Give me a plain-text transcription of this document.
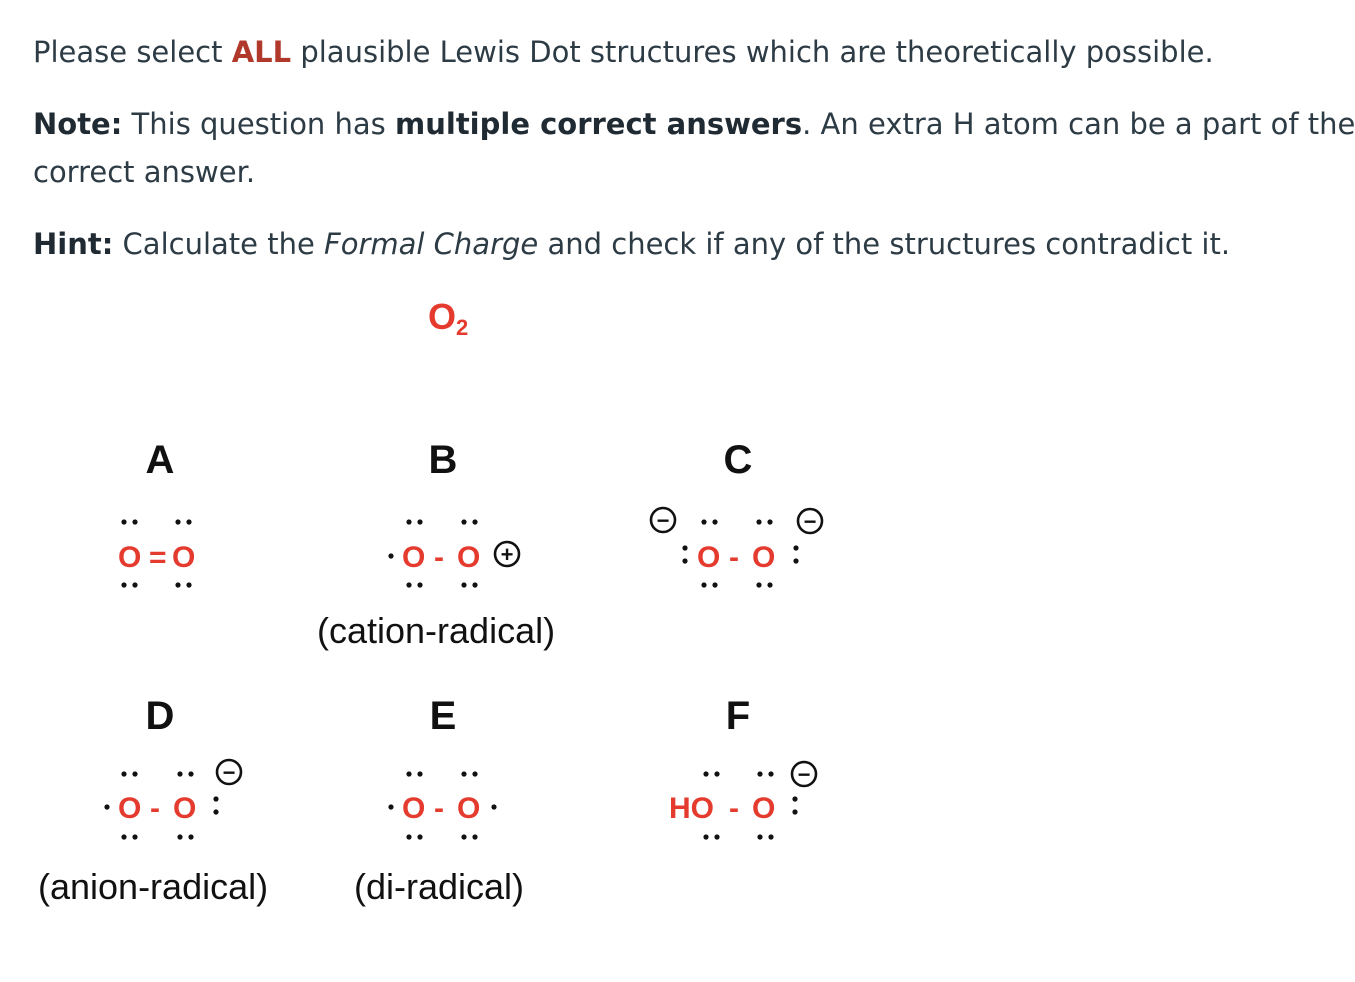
Please select ALL plausible Lewis Dot structures which are theoretically possible.

Note: This question has multiple correct answers. An extra H atom can be a part of the

correct answer.

Hint: Calculate the Formal Charge and check if any of the structures contradict it.

$O_2$
A	B	C
D	E	F
(cation-radical)
(anion-radical) (di-radical)
O = O	O - O +	O - O
−	−
O - O
−
O - O	HO - O
−
